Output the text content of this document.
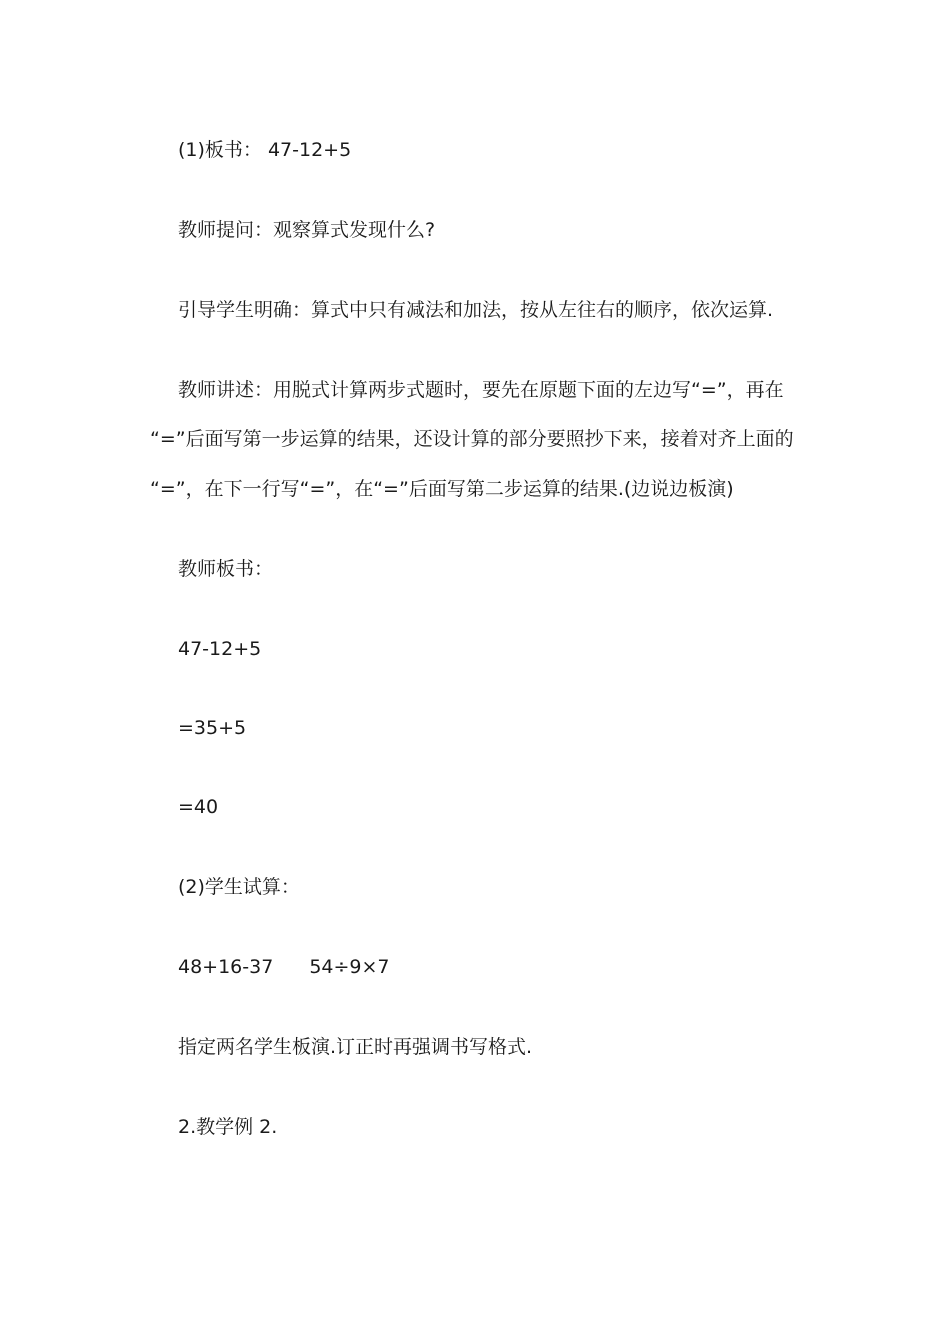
(1)板书： 47-12+5
教师提问：观察算式发现什么?
引导学生明确：算式中只有减法和加法，按从左往右的顺序，依次运算.
教师讲述：用脱式计算两步式题时，要先在原题下面的左边写“=”，再在
“=”后面写第一步运算的结果，还设计算的部分要照抄下来，接着对齐上面的
“=”，在下一行写“=”，在“=”后面写第二步运算的结果.(边说边板演)
教师板书：
47-12+5
=35+5
=40
(2)学生试算：
48+16-37 54÷9×7
指定两名学生板演.订正时再强调书写格式.
2.教学例 2.
